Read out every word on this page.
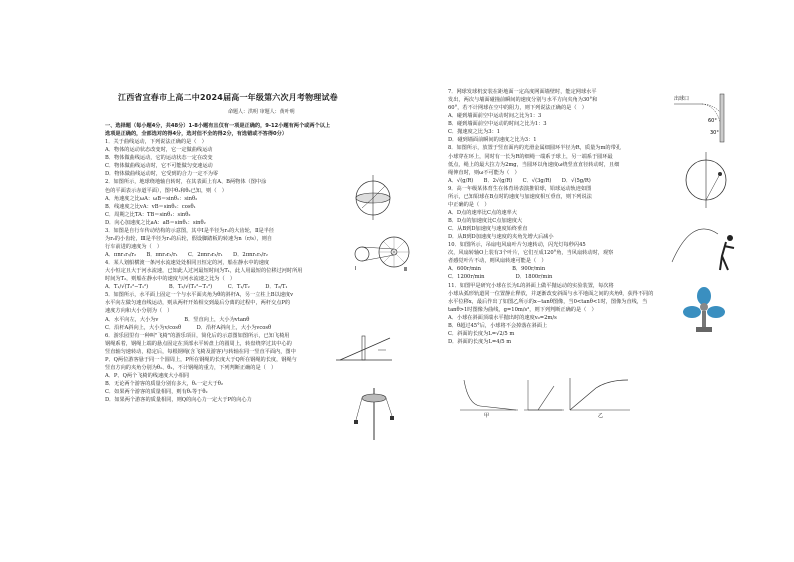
江西省宜春市上高二中2024届高一年级第六次月考物理试卷
命题人：洪明 审题人：黄叶明
一、选择题（每小题4分，共48分）1-8小题有且仅有一项是正确的，9-12小题有两个或两个以上
选项是正确的，全部选对的得4分，选对但不全的得2分，有选错或不答得0分）
1．关于曲线运动，下列说法正确的是（　）
A．物体的运动状态改变时，它一定做曲线运动
B．物体做曲线运动，它的运动状态一定在改变
C．物体做曲线运动时，它不可能做匀变速运动
D．物体做曲线运动时，它受到的合力一定不为零
2．如图所示，地球绕地轴自转时，在其表面上有A、B两物体（图中涂
色的平面表示赤道平面），图中θ₁和θ₂已知，则（　）
A．角速度之比ωA：ωB＝sinθ₁：sinθ₂
B．线速度之比vA：vB＝sinθ₂：cosθ₁
C．周期之比TA：TB＝sinθ₁：sinθ₂
D．向心加速度之比aA：aB＝sinθ₁：sinθ₂
3．如图是自行车传动结构的示意图，其中Ⅰ是半径为r₁的大齿轮，Ⅱ是半径
为r₂的小齿轮，Ⅲ是半径为r₃的后轮，假设脚踏板的转速为n（r/s），则自
行车前进的速度为（　）
A．πnr₁r₃/r₂　　B．πnr₂r₃/r₁　　C．2πnr₂r₃/r₁　　D．2πnr₁r₃/r₂
4．某人划船横渡一条河水流速处处相同且恒定的河，船在静水中的速度
大小恒定且大于河水流速，已知此人过河最短时间为T₁，此人用最短的位移过河时所用
时间为T₂，则船在静水中的速度与河水流速之比为（　）
A．T₁/√(T₂²−T₁²)　　　　B．T₂/√(T₂²−T₁²)　　　C．T₁/T₂　　　D．T₂/T₁
5．如图所示，水平面上固定一个与水平面夹角为θ的斜杆A，另一立柱上B以速度v
水平向左做匀速直线运动，则从两杆开始相交到最后分离的过程中，两杆交点P的
速度方向和大小分别为（　）
A．水平向左，大小为v　　　　　B．竖直向上，大小为vtanθ
C．沿杆A斜向上，大小为v/cosθ　　　D．沿杆A斜向上，大小为vcosθ
6．游乐园里有一种叫"飞椅"的游乐项目，简化后的示意图如图所示，已知飞椅用
钢绳系着，钢绳上端的悬点固定在顶部水平转盘上的圆周上，转盘绕穿过其中心的
竖直轴匀速转动，稳定后，每根钢绳(含飞椅及游客)与转轴在同一竖直平面内，图中
P、Q两位游客悬于同一个圆周上，P所在钢绳的长度大于Q所在钢绳的长度，钢绳与
竖直方向的夹角分别为θ₁、θ₂，不计钢绳的重力，下列判断正确的是（　）
A．P、Q两个飞椅的线速度大小相同
B．无论两个游客的质量分别有多大，θ₁一定大于θ₂
C．如果两个游客的质量相同，则有θ₁等于θ₂
D．如果两个游客的质量相同，则Q的向心力一定大于P的向心力
7．网球发球机安装在距地面一定高度网面墙壁时，能定网球水平
发出，两次与墙面碰撞前瞬间的速度分别与水平方向夹角为30°和
60°，若不计网球在空中的阻力，则下列说法正确的是（　）
A．碰到墙面前空中运动时间之比为1：3
B．碰到墙面前空中运动的时间之比为1：3
C．抛速度之比为3：1
D．碰到墙面前瞬间的速度之比为3：1
8．如图所示，放置于竖直面内的光滑金属细圆环半径为R，质量为m的带孔
小球穿在环上，同时有一长为R的细绳一端系于球上，另一端系于圆环最
低点，绳上的最大拉力为2mg，当圆环以角速度ω绕竖直直径转动时，且细
绳伸直时，则ω不可能为（　）
A．√(g/R)　　B．2√(g/R)　　C．√(3g/R)　　D．√(5g/R)
9．高一年级某体育生在体育场表演推铅球，铅球运动轨迹如图
所示，已知铅球在B点时的速度与加速度相互垂直，则下列说法
中正确的是（　）
A．D点的速率比C点的速率大
B．D点的加速度比C点加速度大
C．从B到D加速度与速度始终垂直
D．从B到D加速度与速度的夹角先增大后减小
10．如图所示，吊扇电风扇叶片匀速转动，闪光灯每秒闪45
次，风扇转轴O上装有3个叶片，它们互成120°角，当风扇转动时，观察
者感觉叶片不动，则风扇转速可能是（　）
A．600r/min　　　　　　B．900r/min
C．1200r/min　　　　　　D．1800r/min
11．如图甲是研究小球在长为L的斜面上做平抛运动的实验装置，每次将
小球从弧形轨道同一位置静止释放，并逐渐改变斜面与水平地面之间的夹角θ，获得不同的
水平位移x，最后作出了如图乙所示的x−tanθ图像，当0<tanθ<1时，图像为直线，当
tanθ>1时图像为曲线，g=10m/s²，则下列判断正确的是（　）
A．小球在斜面顶端水平抛出时的速度v₀=2m/s
B．θ超过45°后，小球将不会掉落在斜面上
C．斜面的长度为L=√2/5 m
D．斜面的长度为L=4/5 m
Ⅰ	Ⅲ
出球口
60°
30°
甲	乙
